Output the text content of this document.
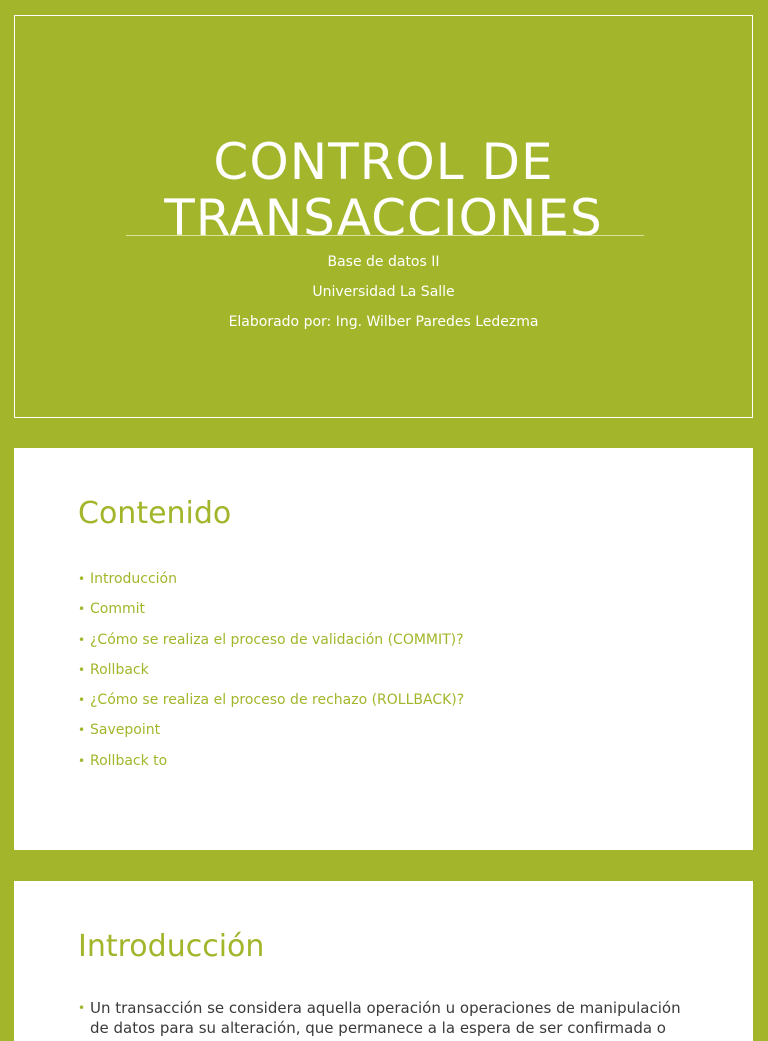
CONTROL DE
TRANSACCIONES
Base de datos II
Universidad La Salle
Elaborado por: Ing. Wilber Paredes Ledezma
Contenido
• Introducción
• Commit
• ¿Cómo se realiza el proceso de validación (COMMIT)?
• Rollback
• ¿Cómo se realiza el proceso de rechazo (ROLLBACK)?
• Savepoint
• Rollback to
Introducción
• Un transacción se considera aquella operación u operaciones de manipulación de datos para su alteración, que permanece a la espera de ser confirmada o
